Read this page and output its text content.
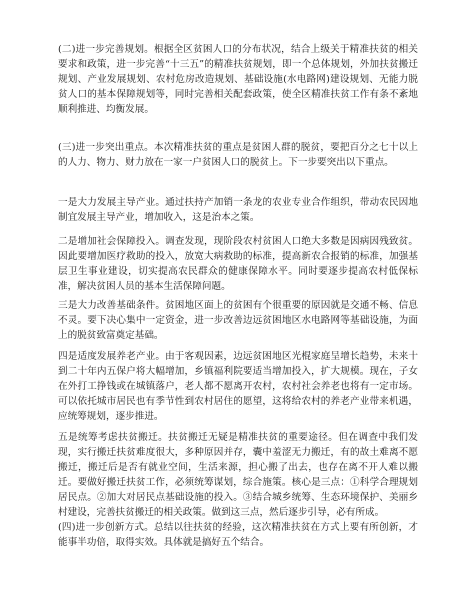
(二)进一步完善规划。根据全区贫困人口的分布状况，结合上级关于精准扶贫的相关要求和政策，进一步完善“十三五”的精准扶贫规划，即一个总体规划，外加扶贫搬迁规划、产业发展规划、农村危房改造规划、基础设施(水电路网)建设规划、无能力脱贫人口的基本保障规划等，同时完善相关配套政策，使全区精准扶贫工作有条不紊地顺利推进、均衡发展。

(三)进一步突出重点。本次精准扶贫的重点是贫困人群的脱贫，要把百分之七十以上的人力、物力、财力放在一家一户贫困人口的脱贫上。下一步要突出以下重点。

一是大力发展主导产业。通过扶持产加销一条龙的农业专业合作组织，带动农民因地制宜发展主导产业，增加收入，这是治本之策。

二是增加社会保障投入。调查发现，现阶段农村贫困人口绝大多数是因病因残致贫。因此要增加医疗救助的投入，放宽大病救助的标准，提高新农合报销的标准，加强基层卫生事业建设，切实提高农民群众的健康保障水平。同时要逐步提高农村低保标准，解决贫困人员的基本生活保障问题。

三是大力改善基础条件。贫困地区面上的贫困有个很重要的原因就是交通不畅、信息不灵。要下决心集中一定资金，进一步改善边远贫困地区水电路网等基础设施，为面上的脱贫致富奠定基础。

四是适度发展养老产业。由于客观因素，边远贫困地区光棍家庭呈增长趋势，未来十到二十年内五保户将大幅增加，乡镇福利院要适当增加投入，扩大规模。现在，子女在外打工挣钱或在城镇落户，老人都不愿离开农村，农村社会养老也将有一定市场。可以依托城市居民也有季节性到农村居住的愿望，这将给农村的养老产业带来机遇，应统筹规划，逐步推进。

五是统筹考虑扶贫搬迁。扶贫搬迁无疑是精准扶贫的重要途径。但在调查中我们发现，实行搬迁扶贫难度很大，多种原因并存，囊中羞涩无力搬迁，有的故土难离不愿搬迁，搬迁后是否有就业空间，生活来源，担心搬了出去，也存在离不开人难以搬迁。要做好搬迁扶贫工作，必须统筹谋划，综合施策。核心是三点：①科学合理规划居民点。②加大对居民点基础设施的投入。③结合城乡统筹、生态环境保护、美丽乡村建设，完善扶贫搬迁的相关政策。做到这三点，然后逐步引导，必有所成。

(四)进一步创新方式。总结以往扶贫的经验，这次精准扶贫在方式上要有所创新，才能事半功倍，取得实效。具体就是搞好五个结合。
